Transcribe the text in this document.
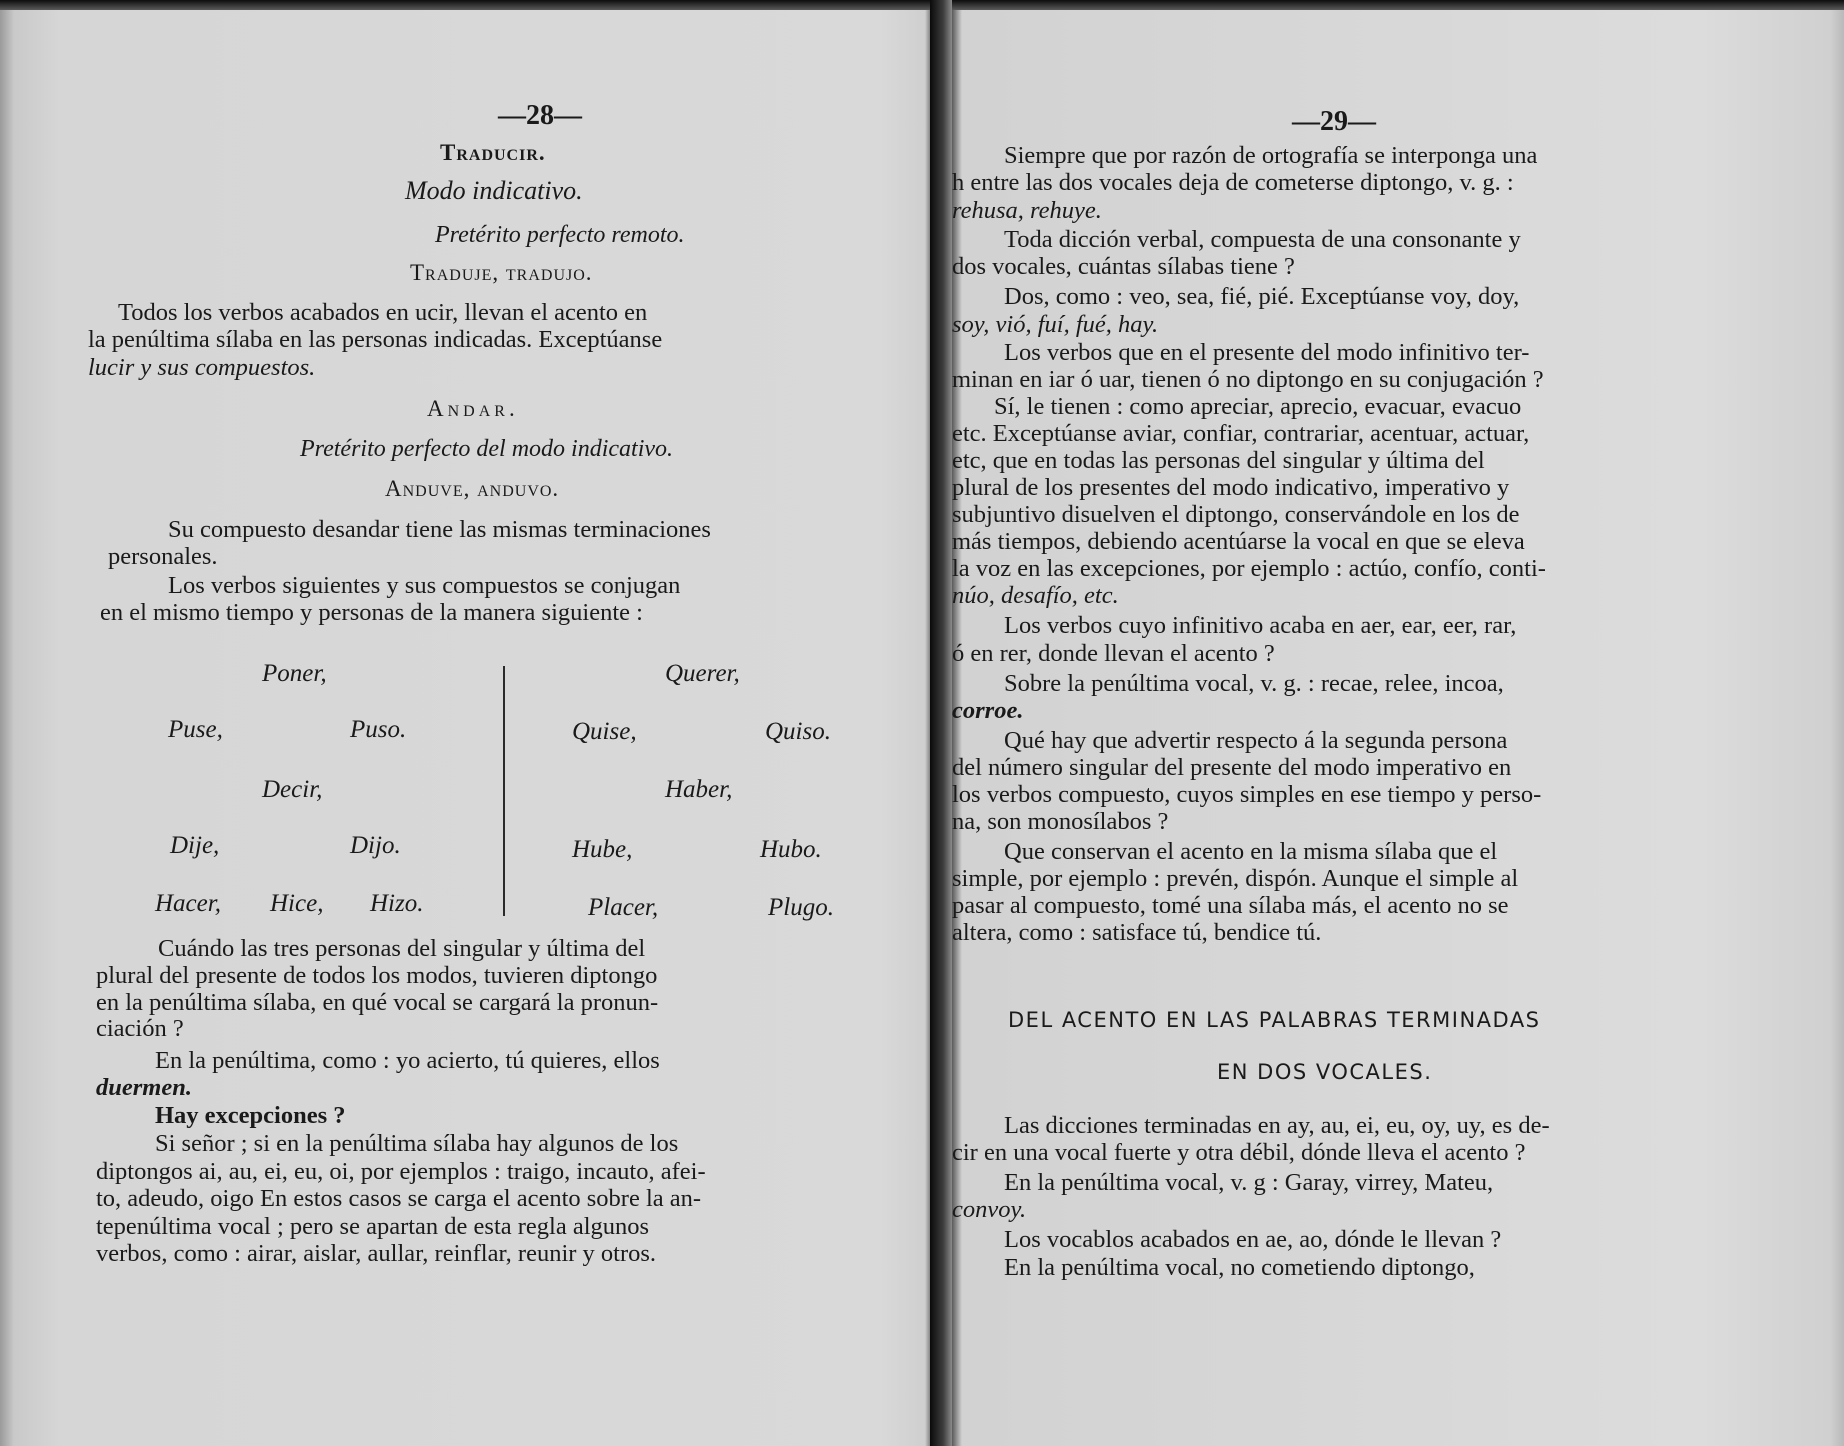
—28—
Traducir.
Modo indicativo.
Pretérito perfecto remoto.
Traduje, tradujo.
Todos los verbos acabados en ucir, llevan el acento en
la penúltima sílaba en las personas indicadas. Exceptúanse
lucir y sus compuestos.
Andar.
Pretérito perfecto del modo indicativo.
Anduve, anduvo.
Su compuesto desandar tiene las mismas terminaciones
personales.
Los verbos siguientes y sus compuestos se conjugan
en el mismo tiempo y personas de la manera siguiente :
Poner,
Puse,	Puso.
Decir,
Dije,	Dijo.
Hacer, Hice, Hizo.
Querer,
Quise,	Quiso.
Haber,
Hube,	Hubo.
Placer,	Plugo.
Cuándo las tres personas del singular y última del
plural del presente de todos los modos, tuvieren diptongo
en la penúltima sílaba, en qué vocal se cargará la pronun-
ciación ?
En la penúltima, como : yo acierto, tú quieres, ellos
duermen.
Hay excepciones ?
Si señor ; si en la penúltima sílaba hay algunos de los
diptongos ai, au, ei, eu, oi, por ejemplos : traigo, incauto, afei-
to, adeudo, oigo En estos casos se carga el acento sobre la an-
tepenúltima vocal ; pero se apartan de esta regla algunos
verbos, como : airar, aislar, aullar, reinflar, reunir y otros.
—29—
Siempre que por razón de ortografía se interponga una
h entre las dos vocales deja de cometerse diptongo, v. g. :
rehusa, rehuye.
Toda dicción verbal, compuesta de una consonante y
dos vocales, cuántas sílabas tiene ?
Dos, como : veo, sea, fié, pié. Exceptúanse voy, doy,
soy, vió, fuí, fué, hay.
Los verbos que en el presente del modo infinitivo ter-
minan en iar ó uar, tienen ó no diptongo en su conjugación ?
Sí, le tienen : como apreciar, aprecio, evacuar, evacuo
etc. Exceptúanse aviar, confiar, contrariar, acentuar, actuar,
etc, que en todas las personas del singular y última del
plural de los presentes del modo indicativo, imperativo y
subjuntivo disuelven el diptongo, conservándole en los de
más tiempos, debiendo acentúarse la vocal en que se eleva
la voz en las excepciones, por ejemplo : actúo, confío, conti-
núo, desafío, etc.
Los verbos cuyo infinitivo acaba en aer, ear, eer, rar,
ó en rer, donde llevan el acento ?
Sobre la penúltima vocal, v. g. : recae, relee, incoa,
corroe.
Qué hay que advertir respecto á la segunda persona
del número singular del presente del modo imperativo en
los verbos compuesto, cuyos simples en ese tiempo y perso-
na, son monosílabos ?
Que conservan el acento en la misma sílaba que el
simple, por ejemplo : prevén, dispón. Aunque el simple al
pasar al compuesto, tomé una sílaba más, el acento no se
altera, como : satisface tú, bendice tú.
DEL ACENTO EN LAS PALABRAS TERMINADAS
EN DOS VOCALES.
Las dicciones terminadas en ay, au, ei, eu, oy, uy, es de-
cir en una vocal fuerte y otra débil, dónde lleva el acento ?
En la penúltima vocal, v. g : Garay, virrey, Mateu,
convoy.
Los vocablos acabados en ae, ao, dónde le llevan ?
En la penúltima vocal, no cometiendo diptongo,
